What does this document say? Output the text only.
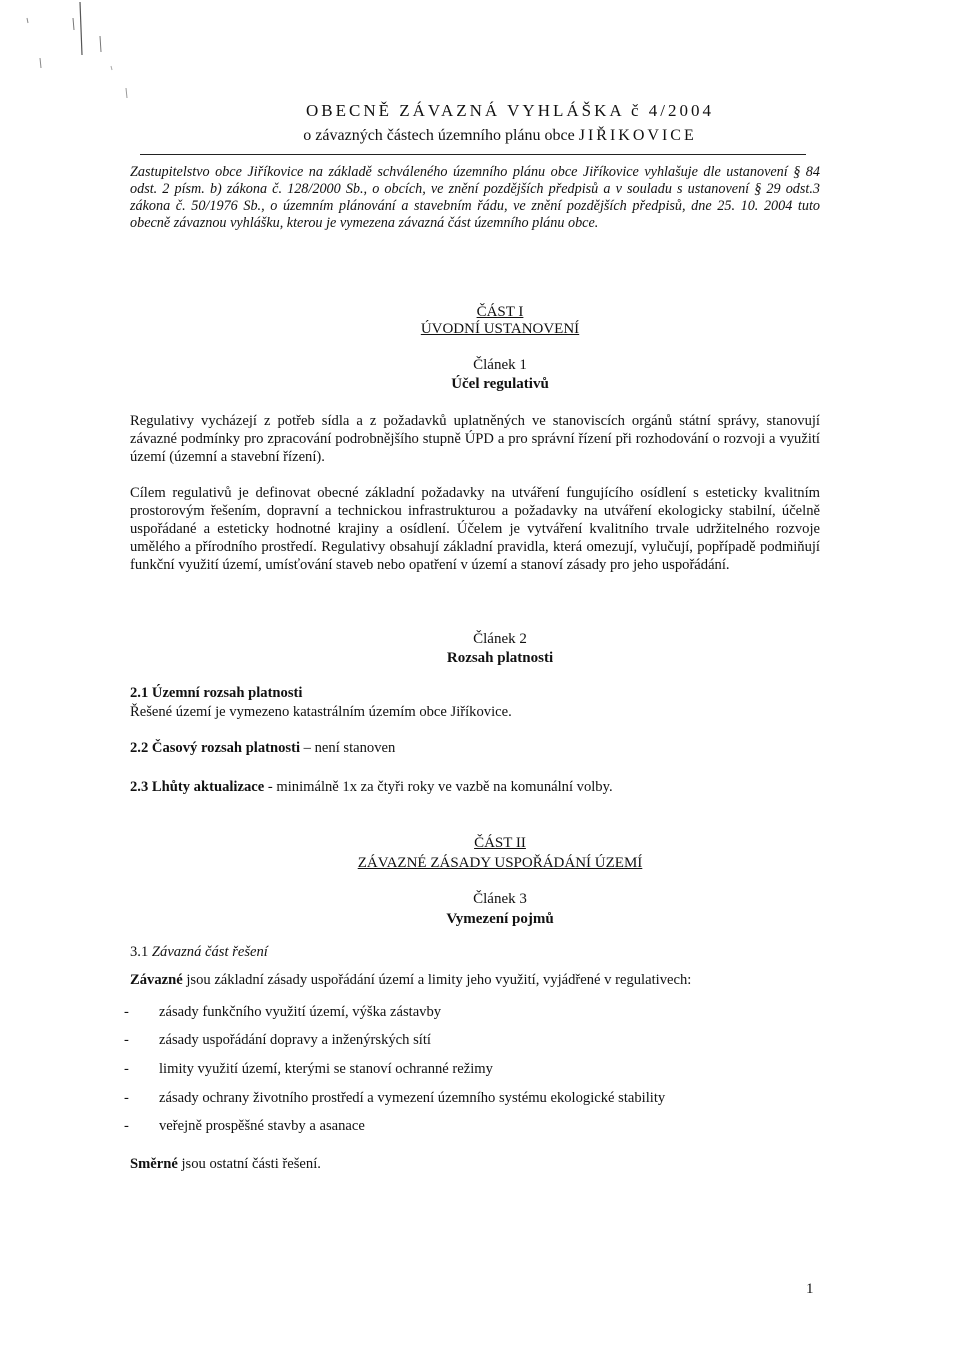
OBECNĚ ZÁVAZNÁ VYHLÁŠKA č 4/2004
o závazných částech územního plánu obce JIŘIKOVICE
Zastupitelstvo obce Jiříkovice na základě schváleného územního plánu obce Jiříkovice vyhlašuje dle ustanovení § 84 odst. 2 písm. b) zákona č. 128/2000 Sb., o obcích, ve znění pozdějších předpisů a v souladu s ustanovení § 29 odst.3 zákona č. 50/1976 Sb., o územním plánování a stavebním řádu, ve znění pozdějších předpisů, dne 25. 10. 2004 tuto obecně závaznou vyhlášku, kterou je vymezena závazná část územního plánu obce.
ČÁST I
ÚVODNÍ USTANOVENÍ
Článek 1
Účel regulativů
Regulativy vycházejí z potřeb sídla a z požadavků uplatněných ve stanoviscích orgánů státní správy, stanovují závazné podmínky pro zpracování podrobnějšího stupně ÚPD a pro správní řízení při rozhodování o rozvoji a využití území (územní a stavební řízení).
Cílem regulativů je definovat obecné základní požadavky na utváření fungujícího osídlení s esteticky kvalitním prostorovým řešením, dopravní a technickou infrastrukturou a požadavky na utváření ekologicky stabilní, účelně uspořádané a esteticky hodnotné krajiny a osídlení. Účelem je vytváření kvalitního trvale udržitelného rozvoje umělého a přírodního prostředí. Regulativy obsahují základní pravidla, která omezují, vylučují, popřípadě podmiňují funkční využití území, umísťování staveb nebo opatření v území a stanoví zásady pro jeho uspořádání.
Článek 2
Rozsah platnosti
2.1 Územní rozsah platnosti
Řešené území je vymezeno katastrálním územím obce Jiříkovice.
2.2 Časový rozsah platnosti – není stanoven
2.3 Lhůty aktualizace - minimálně 1x za čtyři roky ve vazbě na komunální volby.
ČÁST II
ZÁVAZNÉ ZÁSADY USPOŘÁDÁNÍ ÚZEMÍ
Článek 3
Vymezení pojmů
3.1 Závazná část řešení
Závazné jsou základní zásady uspořádání území a limity jeho využití, vyjádřené v regulativech:
- zásady funkčního využití území, výška zástavby
- zásady uspořádání dopravy a inženýrských sítí
- limity využití území, kterými se stanoví ochranné režimy
- zásady ochrany životního prostředí a vymezení územního systému ekologické stability
- veřejně prospěšné stavby a asanace
Směrné jsou ostatní části řešení.
1
